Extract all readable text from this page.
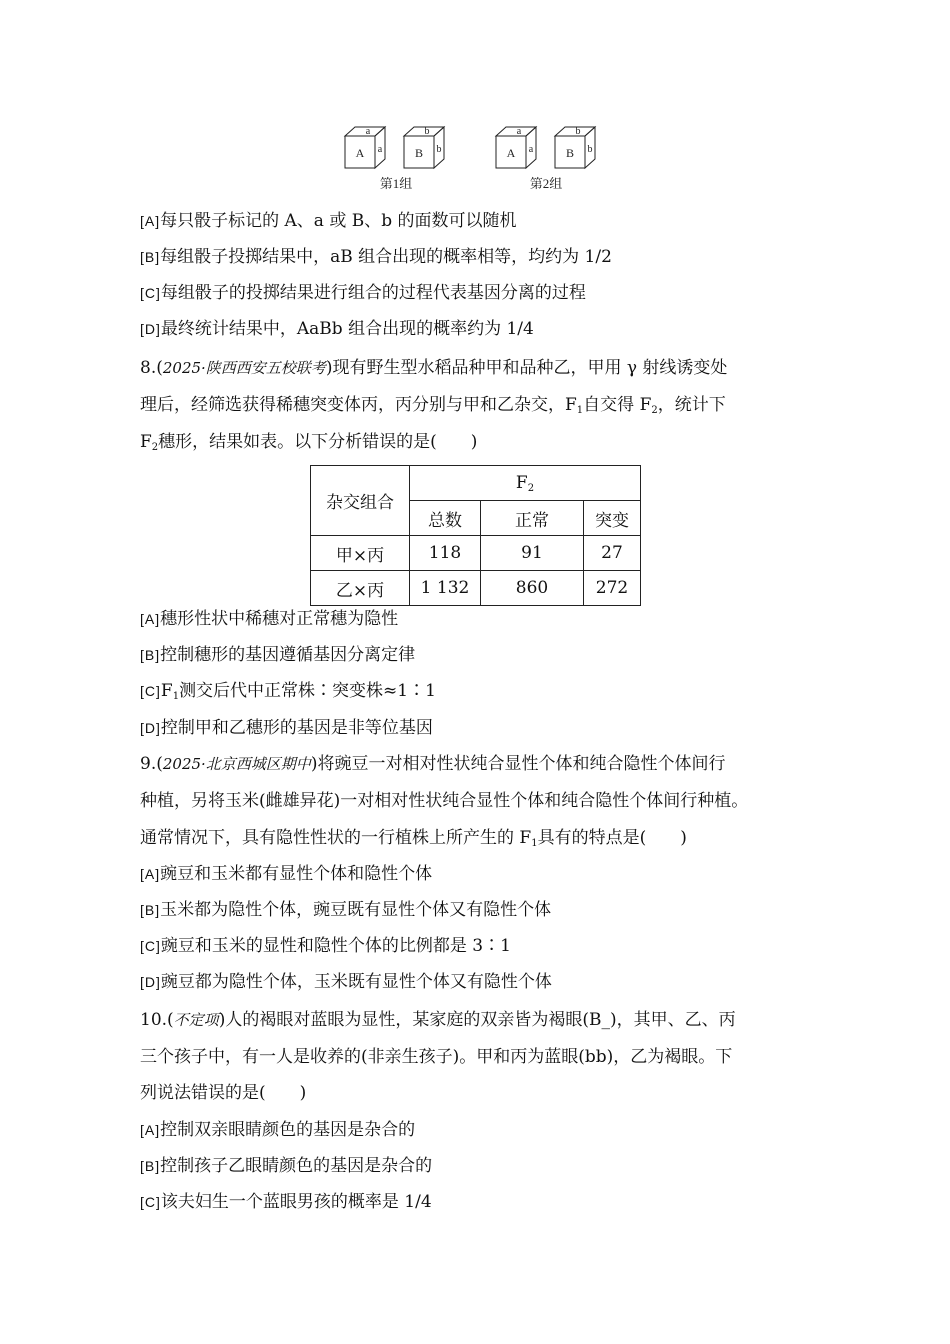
A a
a
B b
b
A a
a
B b
b
第1组	第2组
[A]每只骰子标记的 A、a 或 B、b 的面数可以随机
[B]每组骰子投掷结果中，aB 组合出现的概率相等，均约为 1/2
[C]每组骰子的投掷结果进行组合的过程代表基因分离的过程
[D]最终统计结果中，AaBb 组合出现的概率约为 1/4
8.(2025·陕西西安五校联考)现有野生型水稻品种甲和品种乙，甲用 γ 射线诱变处
理后，经筛选获得稀穗突变体丙，丙分别与甲和乙杂交，$F_1$自交得 $F_2$，统计下
$F_2$穗形，结果如表。以下分析错误的是(　　)
杂交组合	$F_2$
	总数	正常	突变
甲×丙	118	91	27
乙×丙	1 132	860	272
[A]穗形性状中稀穗对正常穗为隐性
[B]控制穗形的基因遵循基因分离定律
$[C]F_1$测交后代中正常株∶突变株≈1∶1
[D]控制甲和乙穗形的基因是非等位基因
9.(2025·北京西城区期中)将豌豆一对相对性状纯合显性个体和纯合隐性个体间行
种植，另将玉米(雌雄异花)一对相对性状纯合显性个体和纯合隐性个体间行种植。
通常情况下，具有隐性性状的一行植株上所产生的 $F_1$具有的特点是(　　)
[A]豌豆和玉米都有显性个体和隐性个体
[B]玉米都为隐性个体，豌豆既有显性个体又有隐性个体
[C]豌豆和玉米的显性和隐性个体的比例都是 3∶1
[D]豌豆都为隐性个体，玉米既有显性个体又有隐性个体
10.(不定项)人的褐眼对蓝眼为显性，某家庭的双亲皆为褐眼(B_)，其甲、乙、丙
三个孩子中，有一人是收养的(非亲生孩子)。甲和丙为蓝眼(bb)，乙为褐眼。下
列说法错误的是(　　)
[A]控制双亲眼睛颜色的基因是杂合的
[B]控制孩子乙眼睛颜色的基因是杂合的
[C]该夫妇生一个蓝眼男孩的概率是 1/4
